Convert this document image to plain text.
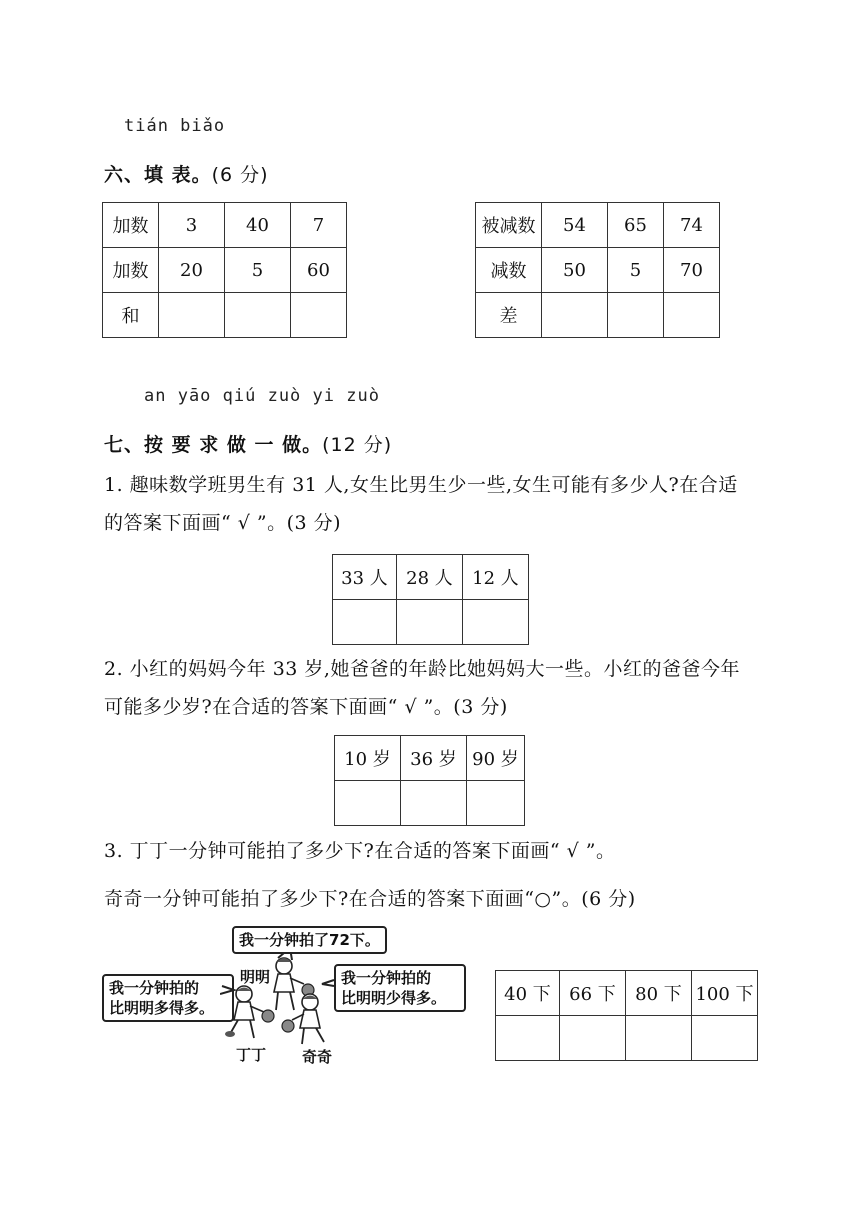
tián biǎo
六、填 表。(6 分)
加数	3	40	7
加数	20	5	60
和			
被减数	54	65	74
减数	50	5	70
差			
an yāo qiú zuò yi zuò
七、按 要 求 做 一 做。(12 分)
1. 趣味数学班男生有 31 人,女生比男生少一些,女生可能有多少人?在合适
的答案下面画“ √ ”。(3 分)
33 人	28 人	12 人

2. 小红的妈妈今年 33 岁,她爸爸的年龄比她妈妈大一些。小红的爸爸今年
可能多少岁?在合适的答案下面画“ √ ”。(3 分)
10 岁	36 岁	90 岁

3. 丁丁一分钟可能拍了多少下?在合适的答案下面画“ √ ”。
奇奇一分钟可能拍了多少下?在合适的答案下面画“○”。(6 分)
我一分钟拍了72下。
我一分钟拍的
比明明多得多。
我一分钟拍的
比明明少得多。
明明
丁丁 奇奇
40 下	66 下	80 下	100 下
